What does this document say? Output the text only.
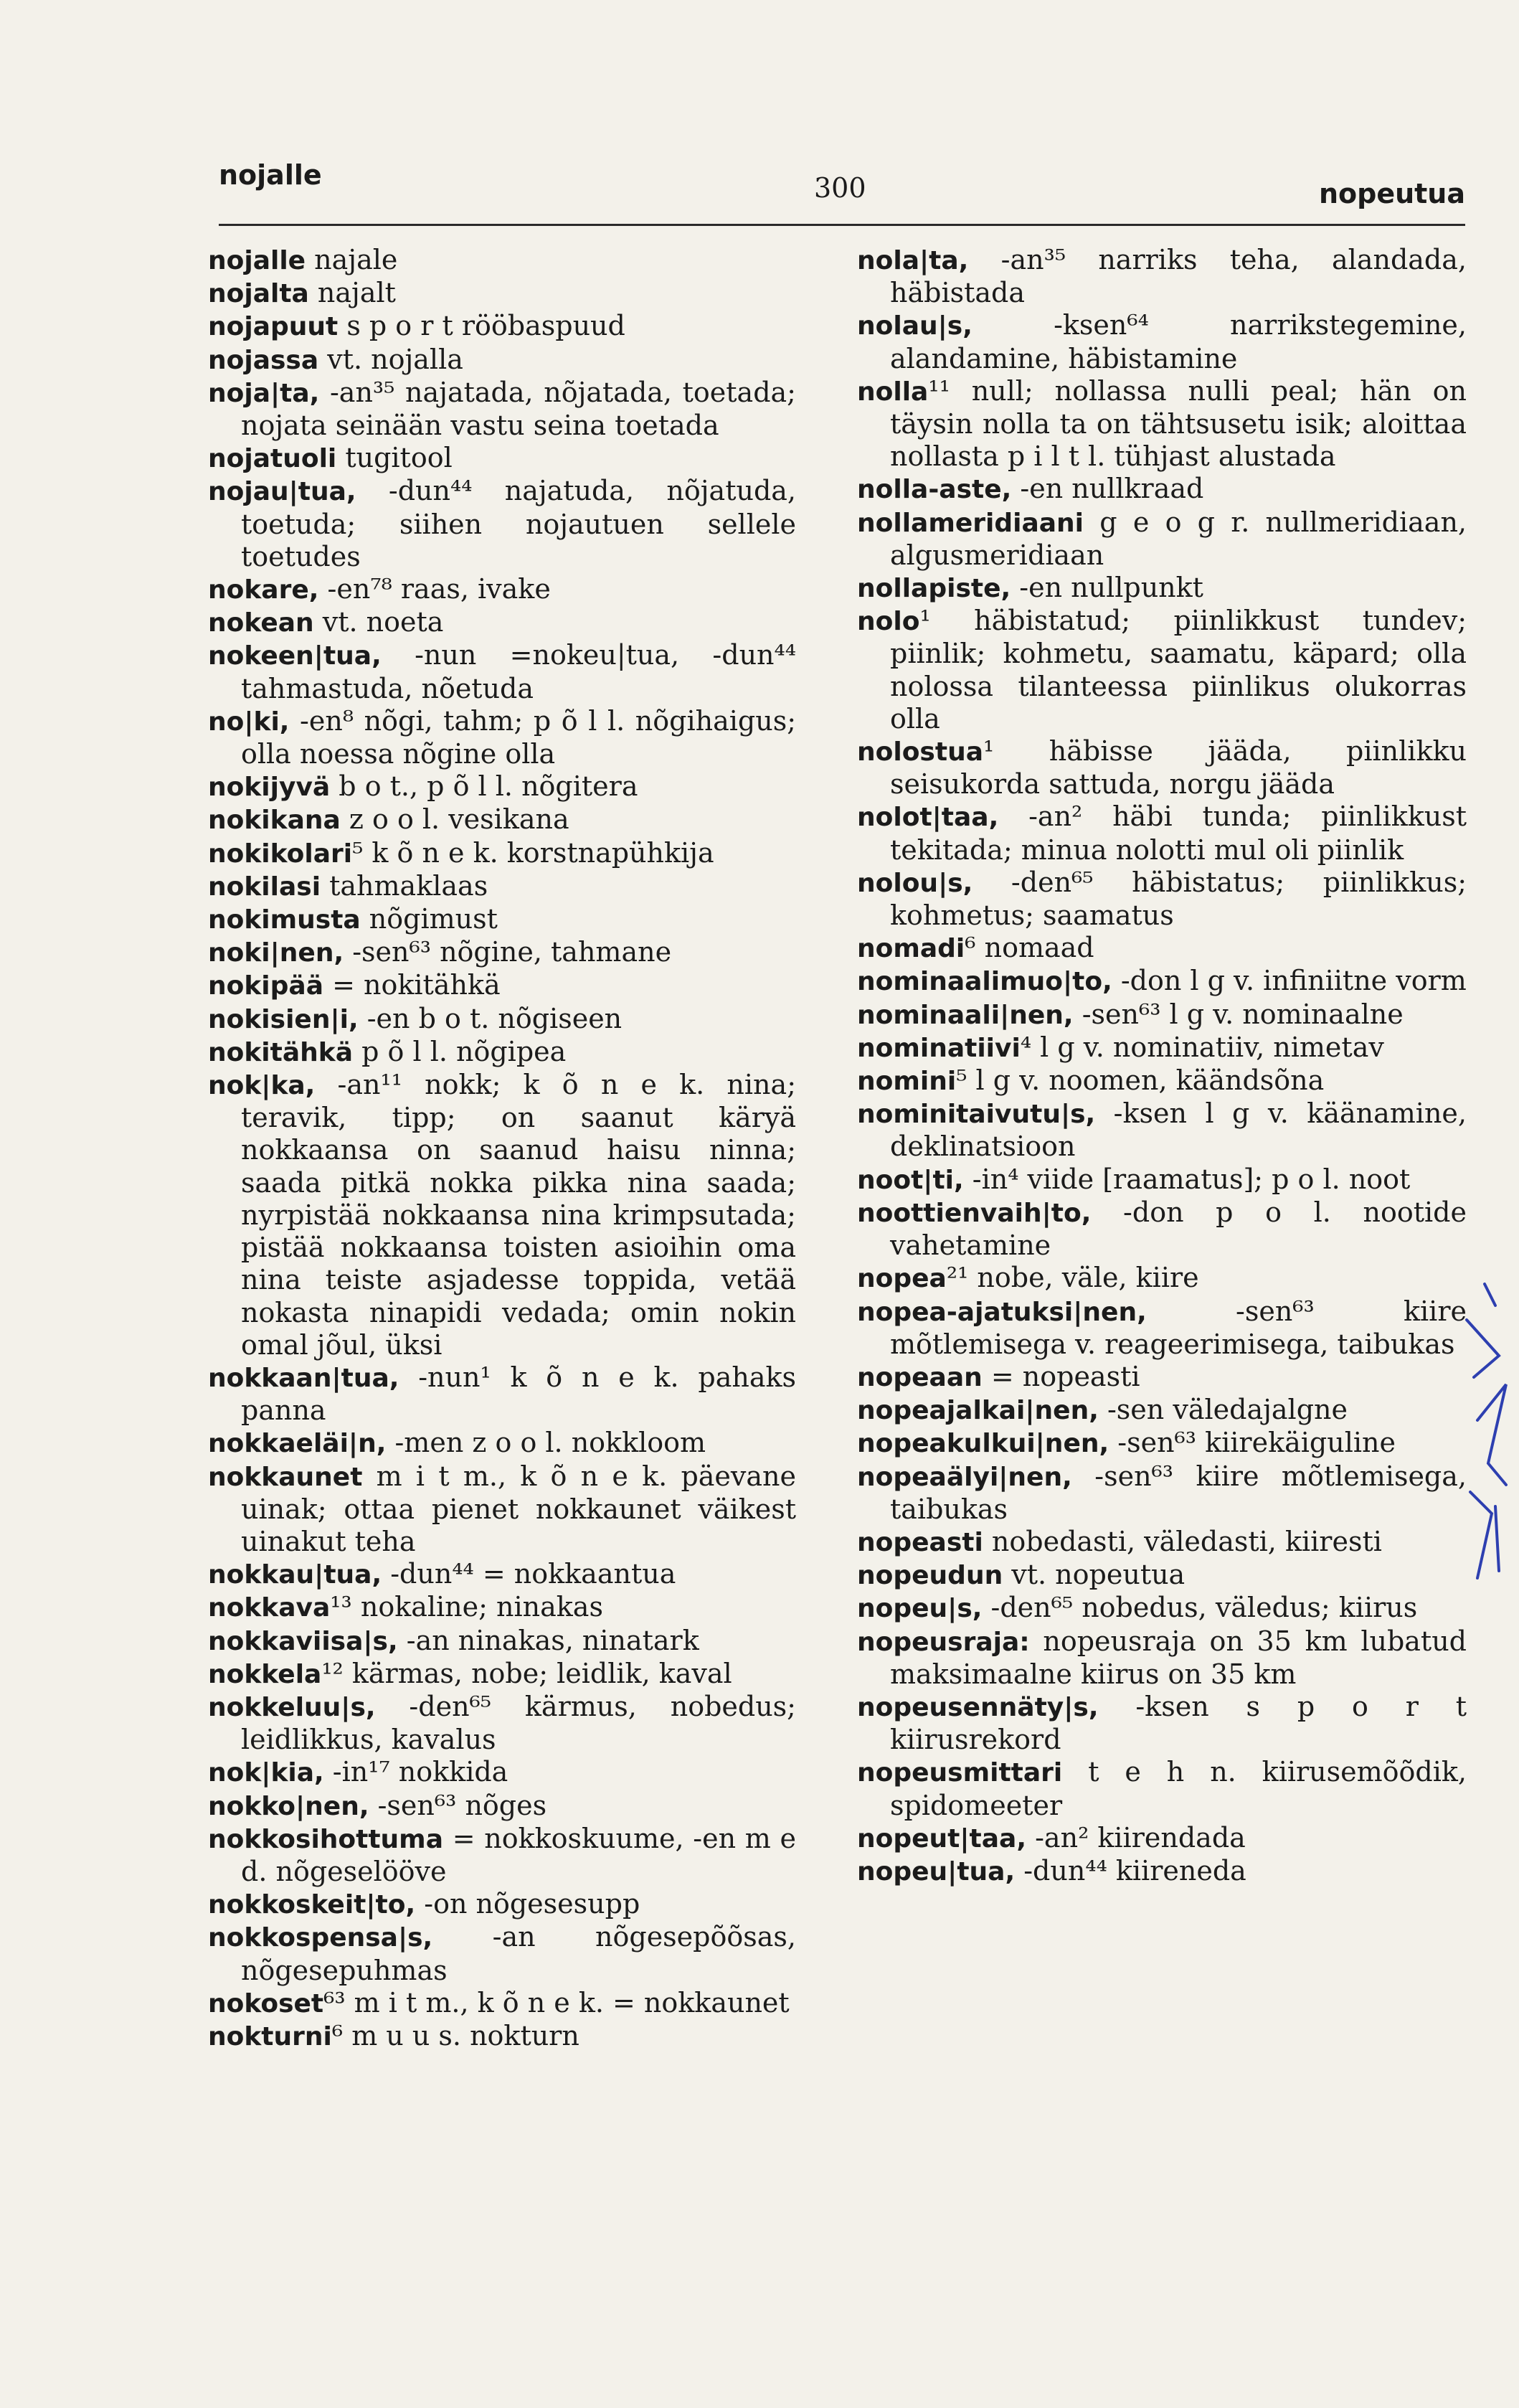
nojalle	300	nopeutua

nojalle najale

nojalta najalt

nojapuut s p o r t rööbaspuud

nojassa vt. nojalla

noja|ta, -an³⁵ najatada, nõjatada, toetada; nojata seinään vastu seina toetada

nojatuoli tugitool

nojau|tua, -dun⁴⁴ najatuda, nõjatuda, toetuda; siihen nojautuen sellele toetudes

nokare, -en⁷⁸ raas, ivake

nokean vt. noeta

nokeen|tua, -nun =nokeu|tua, -dun⁴⁴ tahmastuda, nõetuda

no|ki, -en⁸ nõgi, tahm; p õ l l. nõgihaigus; olla noessa nõgine olla

nokijyvä b o t., p õ l l. nõgitera

nokikana z o o l. vesikana

nokikolari⁵ k õ n e k. korstnapühkija

nokilasi tahmaklaas

nokimusta nõgimust

noki|nen, -sen⁶³ nõgine, tahmane

nokipää = nokitähkä

nokisien|i, -en b o t. nõgiseen

nokitähkä p õ l l. nõgipea

nok|ka, -an¹¹ nokk; k õ n e k. nina; teravik, tipp; on saanut käryä nokkaansa on saanud haisu ninna; saada pitkä nokka pikka nina saada; nyrpistää nokkaansa nina krimpsutada; pistää nokkaansa toisten asioihin oma nina teiste asjadesse toppida, vetää nokasta ninapidi vedada; omin nokin omal jõul, üksi

nokkaan|tua, -nun¹ k õ n e k. pahaks panna

nokkaeläi|n, -men z o o l. nokkloom

nokkaunet m i t m., k õ n e k. päevane uinak; ottaa pienet nokkaunet väikest uinakut teha

nokkau|tua, -dun⁴⁴ = nokkaantua

nokkava¹³ nokaline; ninakas

nokkaviisa|s, -an ninakas, ninatark

nokkela¹² kärmas, nobe; leidlik, kaval

nokkeluu|s, -den⁶⁵ kärmus, nobedus; leidlikkus, kavalus

nok|kia, -in¹⁷ nokkida

nokko|nen, -sen⁶³ nõges

nokkosihottuma = nokkoskuume, -en m e d. nõgeselööve

nokkoskeit|to, -on nõgesesupp

nokkospensa|s, -an nõgesepõõsas, nõgesepuhmas

nokoset⁶³ m i t m., k õ n e k. = nokkaunet

nokturni⁶ m u u s. nokturn

nola|ta, -an³⁵ narriks teha, alandada, häbistada

nolau|s, -ksen⁶⁴ narrikstegemine, alandamine, häbistamine

nolla¹¹ null; nollassa nulli peal; hän on täysin nolla ta on tähtsusetu isik; aloittaa nollasta p i l t l. tühjast alustada

nolla-aste, -en nullkraad

nollameridiaani g e o g r. nullmeridiaan, algusmeridiaan

nollapiste, -en nullpunkt

nolo¹ häbistatud; piinlikkust tundev; piinlik; kohmetu, saamatu, käpard; olla nolossa tilanteessa piinlikus olukorras olla

nolostua¹ häbisse jääda, piinlikku seisukorda sattuda, norgu jääda

nolot|taa, -an² häbi tunda; piinlikkust tekitada; minua nolotti mul oli piinlik

nolou|s, -den⁶⁵ häbistatus; piinlikkus; kohmetus; saamatus

nomadi⁶ nomaad

nominaalimuo|to, -don l g v. infiniitne vorm

nominaali|nen, -sen⁶³ l g v. nominaalne

nominatiivi⁴ l g v. nominatiiv, nimetav

nomini⁵ l g v. noomen, käändsõna

nominitaivutu|s, -ksen l g v. käänamine, deklinatsioon

noot|ti, -in⁴ viide [raamatus]; p o l. noot

noottienvaih|to, -don p o l. nootide vahetamine

nopea²¹ nobe, väle, kiire

nopea-ajatuksi|nen, -sen⁶³ kiire mõtlemisega v. reageerimisega, taibukas

nopeaan = nopeasti

nopeajalkai|nen, -sen väledajalgne

nopeakulkui|nen, -sen⁶³ kiirekäiguline

nopeaälyi|nen, -sen⁶³ kiire mõtlemisega, taibukas

nopeasti nobedasti, väledasti, kiiresti

nopeudun vt. nopeutua

nopeu|s, -den⁶⁵ nobedus, väledus; kiirus

nopeusraja: nopeusraja on 35 km lubatud maksimaalne kiirus on 35 km

nopeusennäty|s, -ksen s p o r t kiirusrekord

nopeusmittari t e h n. kiirusemõõdik, spidomeeter

nopeut|taa, -an² kiirendada

nopeu|tua, -dun⁴⁴ kiireneda
